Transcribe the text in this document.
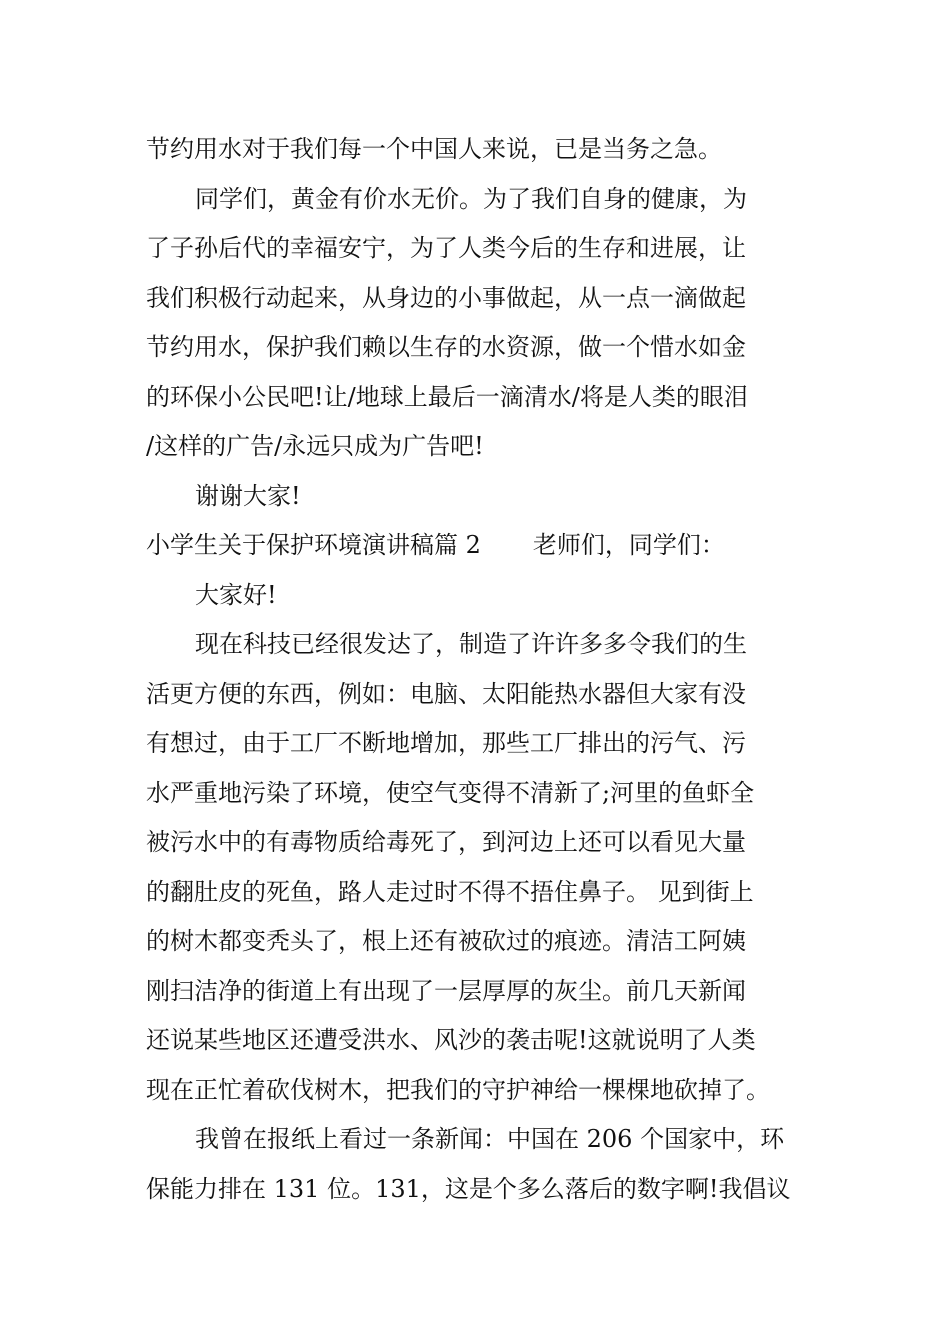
节约用水对于我们每一个中国人来说，已是当务之急。
同学们，黄金有价水无价。为了我们自身的健康，为
了子孙后代的幸福安宁，为了人类今后的生存和进展，让
我们积极行动起来，从身边的小事做起，从一点一滴做起
节约用水，保护我们赖以生存的水资源，做一个惜水如金
的环保小公民吧!让/地球上最后一滴清水/将是人类的眼泪
/这样的广告/永远只成为广告吧!
谢谢大家!
小学生关于保护环境演讲稿篇 2 老师们，同学们：
大家好!
现在科技已经很发达了，制造了许许多多令我们的生
活更方便的东西，例如：电脑、太阳能热水器但大家有没
有想过，由于工厂不断地增加，那些工厂排出的污气、污
水严重地污染了环境，使空气变得不清新了;河里的鱼虾全
被污水中的有毒物质给毒死了，到河边上还可以看见大量
的翻肚皮的死鱼，路人走过时不得不捂住鼻子。 见到街上
的树木都变秃头了，根上还有被砍过的痕迹。清洁工阿姨
刚扫洁净的街道上有出现了一层厚厚的灰尘。前几天新闻
还说某些地区还遭受洪水、风沙的袭击呢!这就说明了人类
现在正忙着砍伐树木，把我们的守护神给一棵棵地砍掉了。
我曾在报纸上看过一条新闻：中国在 206 个国家中，环
保能力排在 131 位。131，这是个多么落后的数字啊!我倡议
